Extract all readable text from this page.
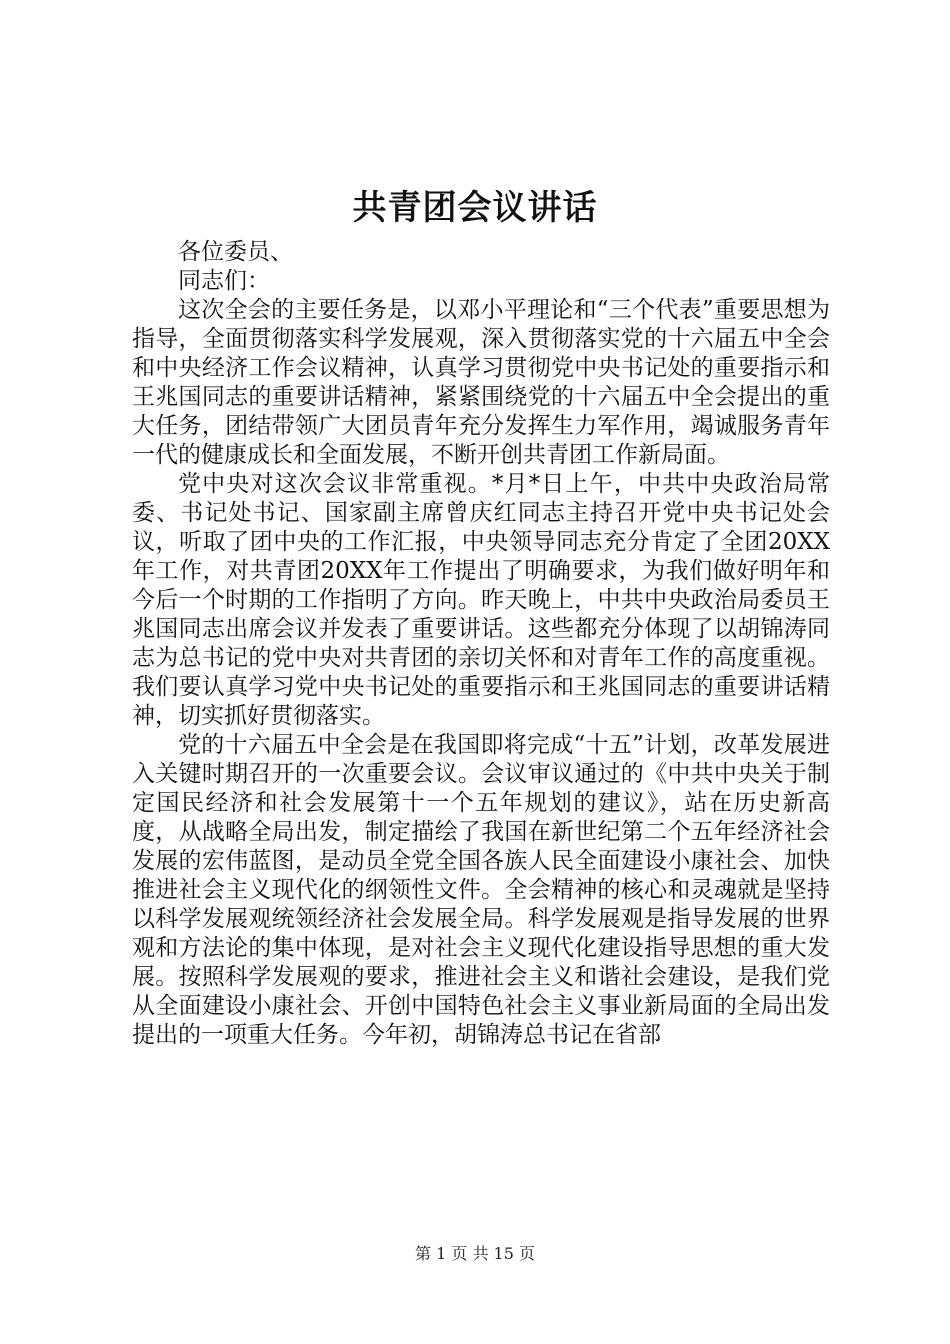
共青团会议讲话

各位委员、

同志们：

这次全会的主要任务是，以邓小平理论和“三个代表”重要思想为指导，全面贯彻落实科学发展观，深入贯彻落实党的十六届五中全会和中央经济工作会议精神，认真学习贯彻党中央书记处的重要指示和王兆国同志的重要讲话精神，紧紧围绕党的十六届五中全会提出的重大任务，团结带领广大团员青年充分发挥生力军作用，竭诚服务青年一代的健康成长和全面发展，不断开创共青团工作新局面。

党中央对这次会议非常重视。*月*日上午，中共中央政治局常委、书记处书记、国家副主席曾庆红同志主持召开党中央书记处会议，听取了团中央的工作汇报，中央领导同志充分肯定了全团20XX年工作，对共青团20XX年工作提出了明确要求，为我们做好明年和今后一个时期的工作指明了方向。昨天晚上，中共中央政治局委员王兆国同志出席会议并发表了重要讲话。这些都充分体现了以胡锦涛同志为总书记的党中央对共青团的亲切关怀和对青年工作的高度重视。我们要认真学习党中央书记处的重要指示和王兆国同志的重要讲话精神，切实抓好贯彻落实。

党的十六届五中全会是在我国即将完成“十五”计划，改革发展进入关键时期召开的一次重要会议。会议审议通过的《中共中央关于制定国民经济和社会发展第十一个五年规划的建议》，站在历史新高度，从战略全局出发，制定描绘了我国在新世纪第二个五年经济社会发展的宏伟蓝图，是动员全党全国各族人民全面建设小康社会、加快推进社会主义现代化的纲领性文件。全会精神的核心和灵魂就是坚持以科学发展观统领经济社会发展全局。科学发展观是指导发展的世界观和方法论的集中体现，是对社会主义现代化建设指导思想的重大发展。按照科学发展观的要求，推进社会主义和谐社会建设，是我们党从全面建设小康社会、开创中国特色社会主义事业新局面的全局出发提出的一项重大任务。今年初，胡锦涛总书记在省部

第 1 页 共 15 页
